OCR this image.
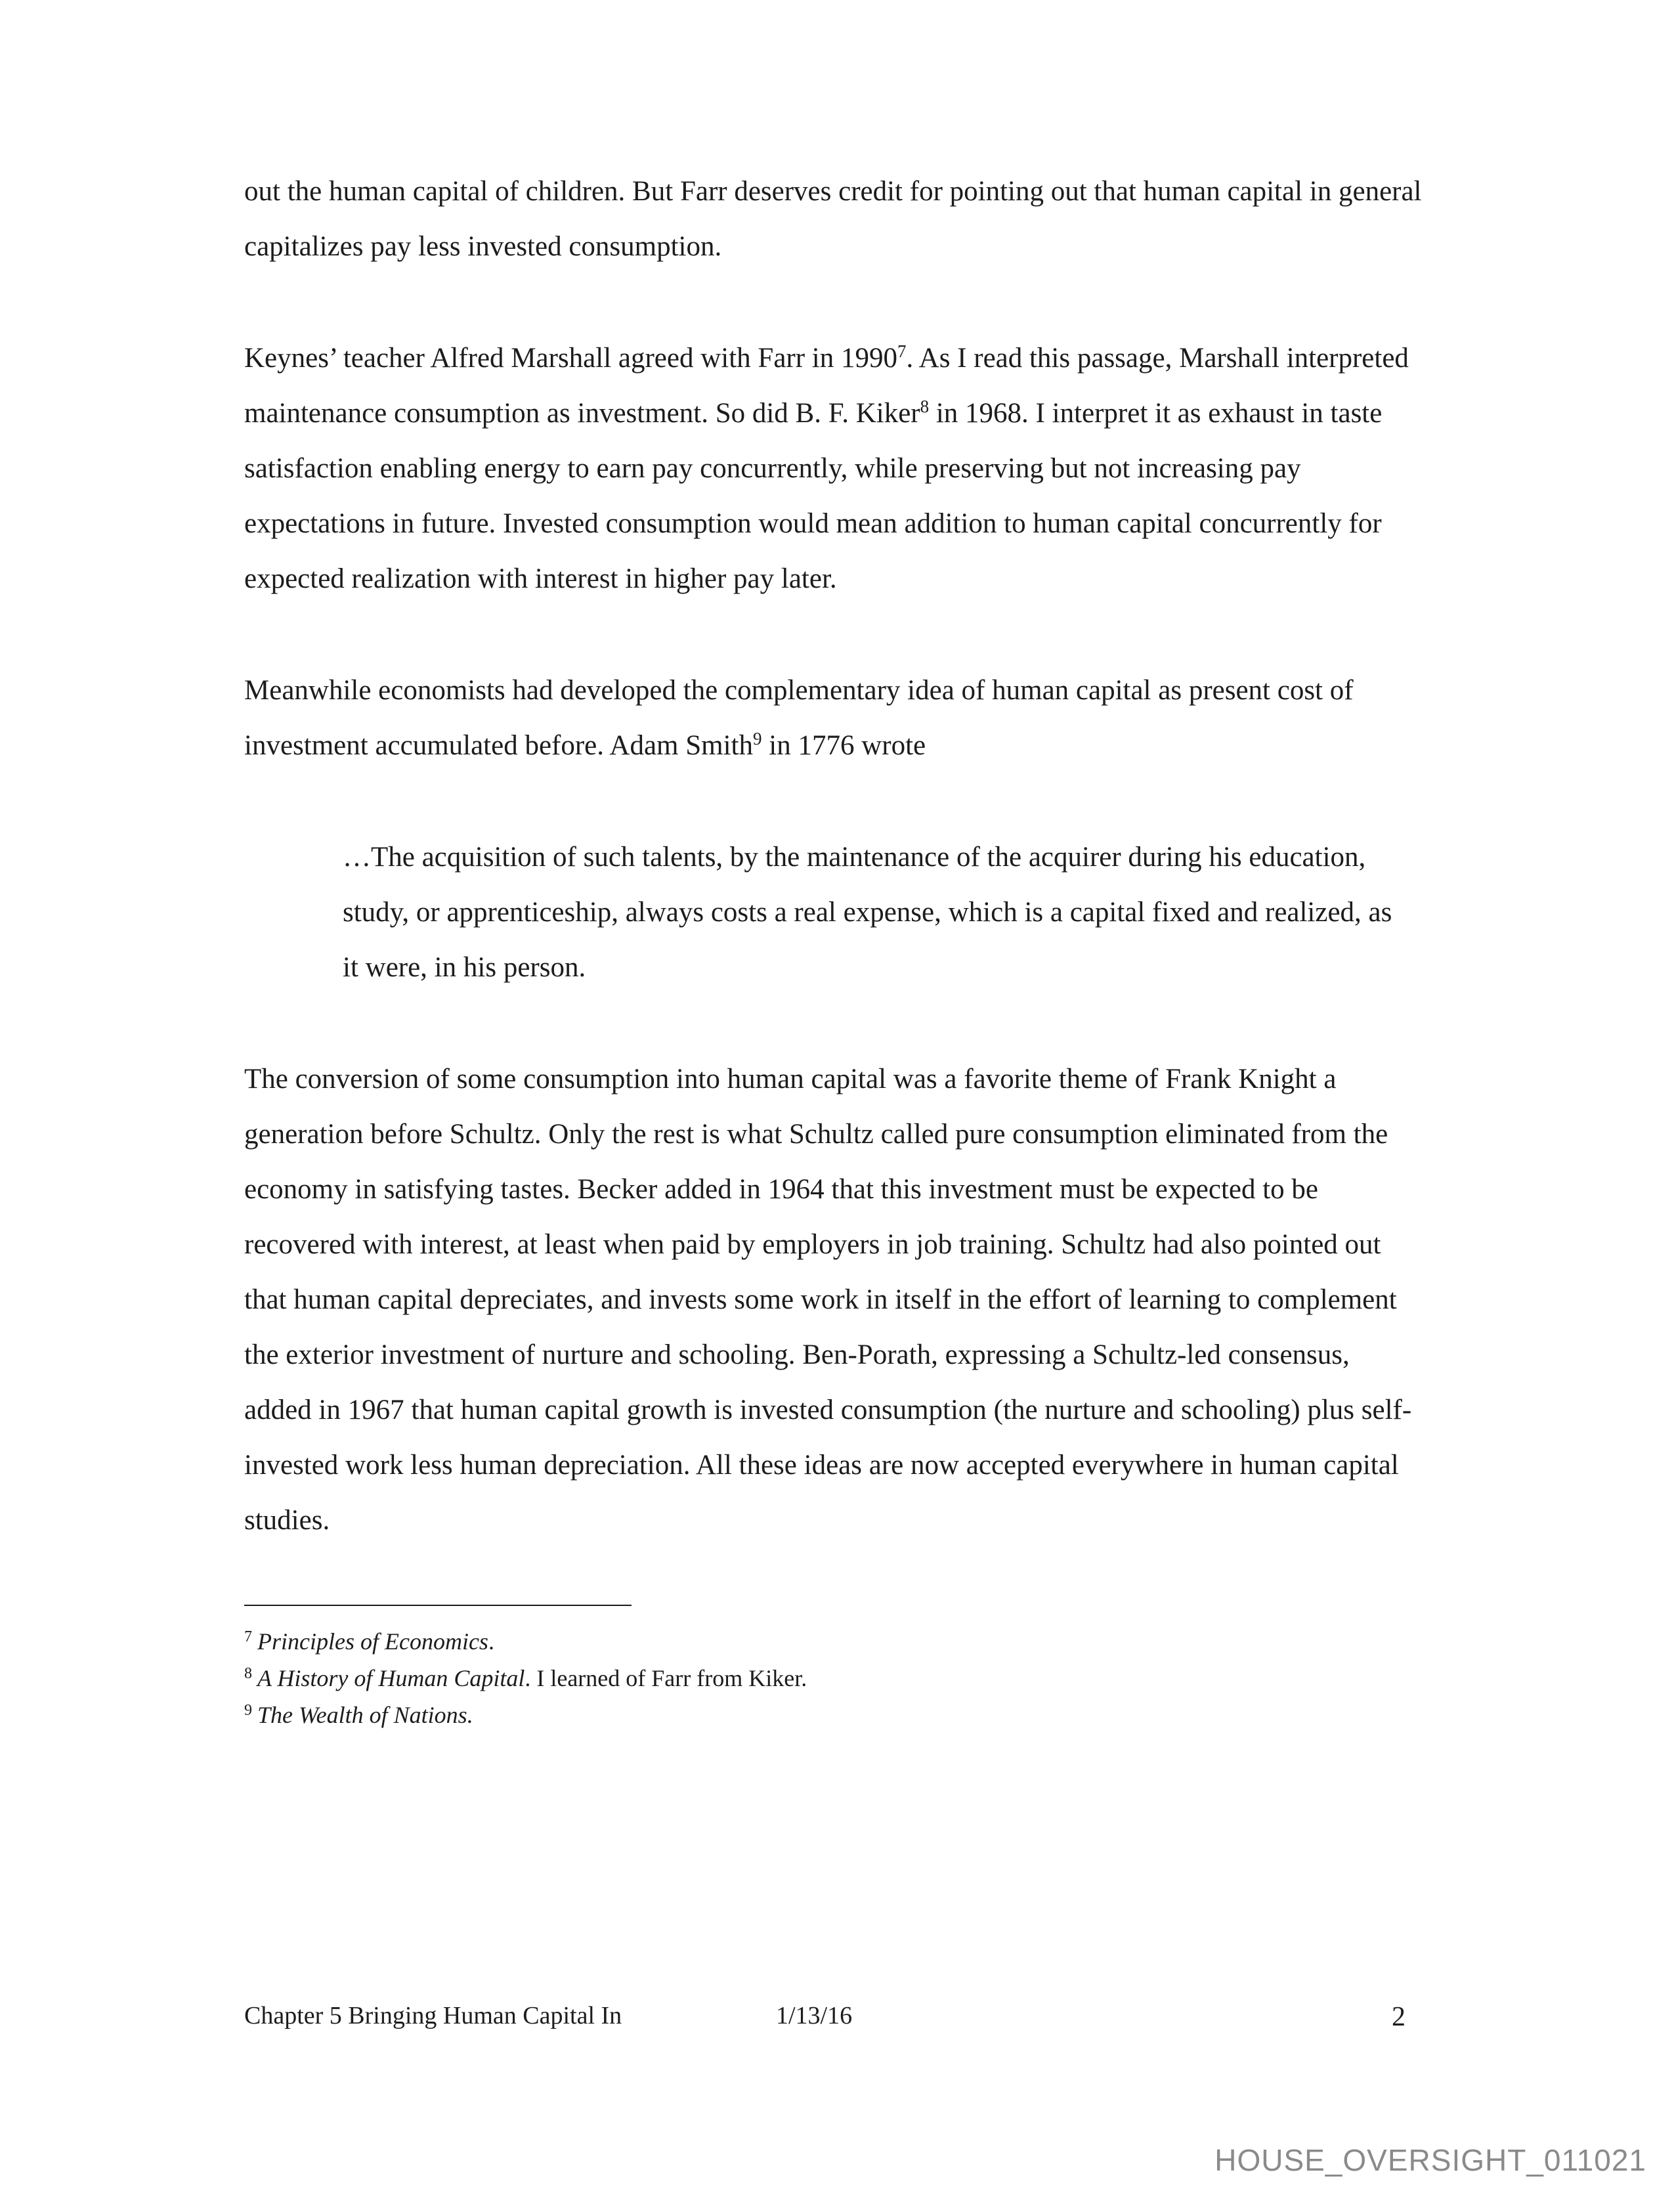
out the human capital of children. But Farr deserves credit for pointing out that human capital in general capitalizes pay less invested consumption.

Keynes’ teacher Alfred Marshall agreed with Farr in 1990$^7$. As I read this passage, Marshall interpreted maintenance consumption as investment. So did B. F. Kiker$^8$ in 1968. I interpret it as exhaust in taste satisfaction enabling energy to earn pay concurrently, while preserving but not increasing pay expectations in future. Invested consumption would mean addition to human capital concurrently for expected realization with interest in higher pay later.

Meanwhile economists had developed the complementary idea of human capital as present cost of investment accumulated before. Adam Smith$^9$ in 1776 wrote

…The acquisition of such talents, by the maintenance of the acquirer during his education, study, or apprenticeship, always costs a real expense, which is a capital fixed and realized, as it were, in his person.

The conversion of some consumption into human capital was a favorite theme of Frank Knight a generation before Schultz. Only the rest is what Schultz called pure consumption eliminated from the economy in satisfying tastes. Becker added in 1964 that this investment must be expected to be recovered with interest, at least when paid by employers in job training. Schultz had also pointed out that human capital depreciates, and invests some work in itself in the effort of learning to complement the exterior investment of nurture and schooling. Ben-Porath, expressing a Schultz-led consensus, added in 1967 that human capital growth is invested consumption (the nurture and schooling) plus self-invested work less human depreciation. All these ideas are now accepted everywhere in human capital studies.

$^7$ Principles of Economics.
$^8$ A History of Human Capital. I learned of Farr from Kiker.
$^9$ The Wealth of Nations.
Chapter 5 Bringing Human Capital In	1/13/16	2
HOUSE_OVERSIGHT_011021
